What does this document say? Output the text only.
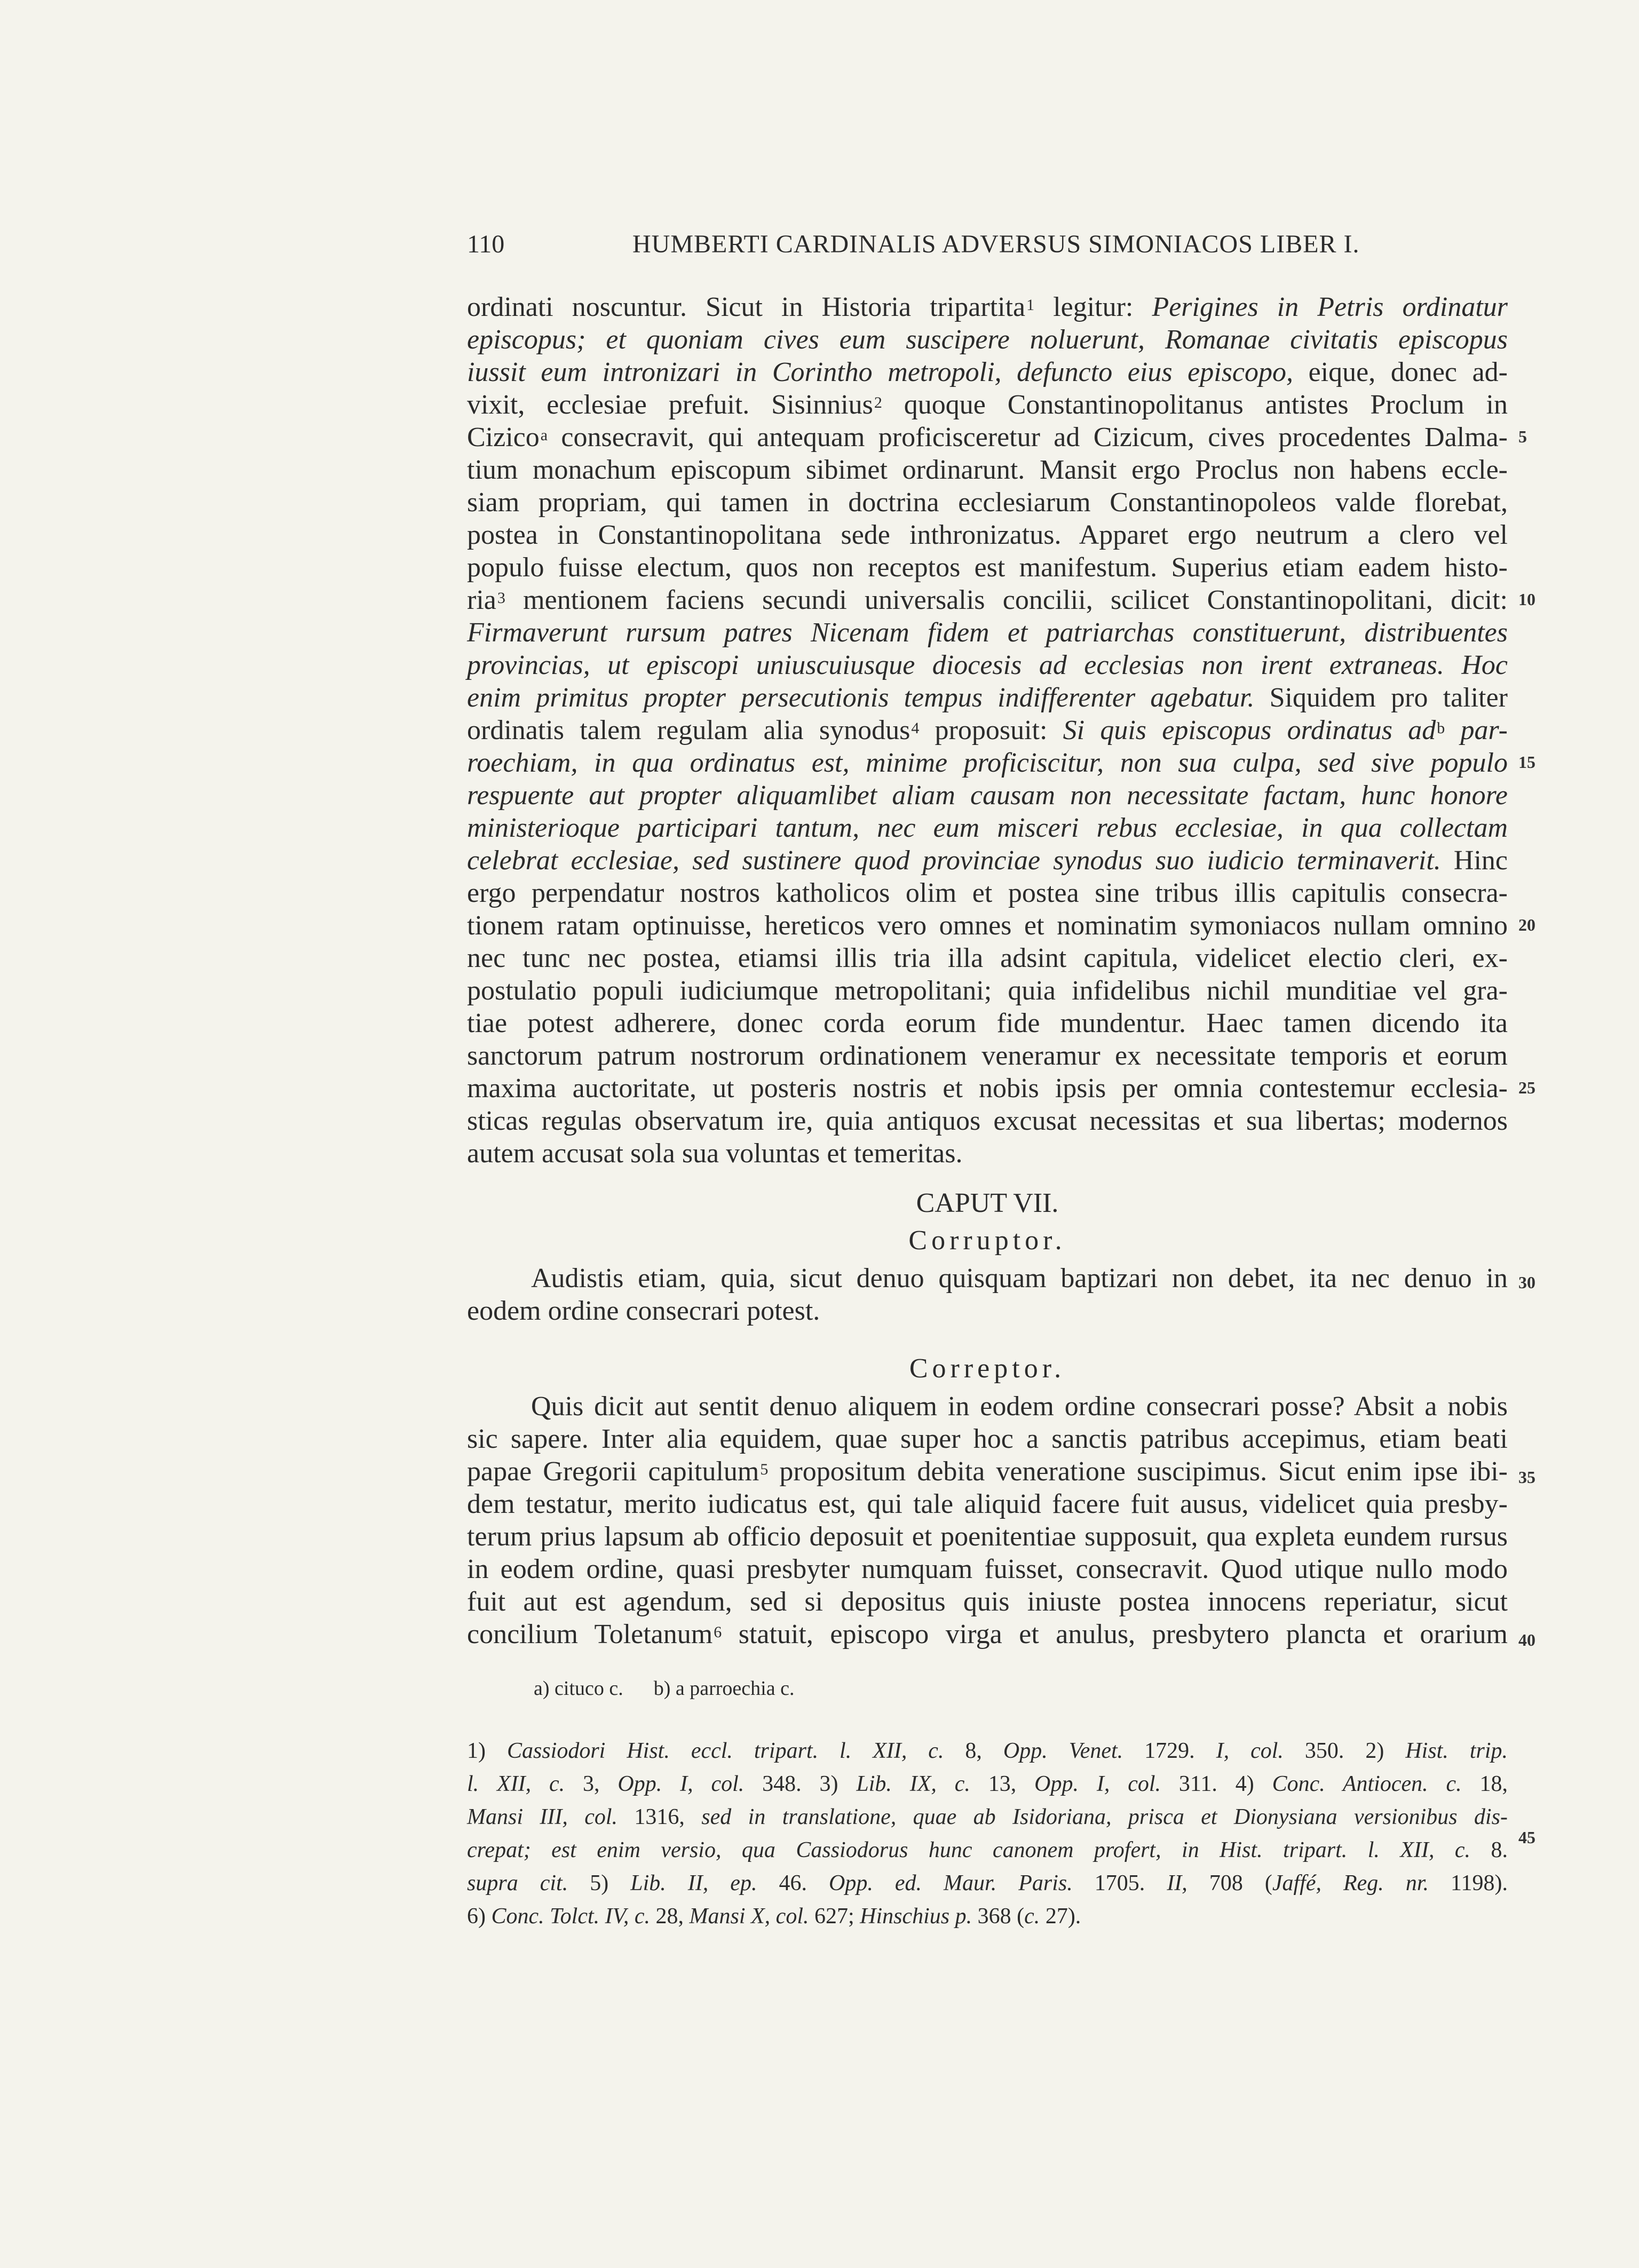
110	HUMBERTI CARDINALIS ADVERSUS SIMONIACOS LIBER I.
ordinati noscuntur. Sicut in Historia tripartita$^1$ legitur: Perigines in Petris ordinatur
episcopus; et quoniam cives eum suscipere noluerunt, Romanae civitatis episcopus
iussit eum intronizari in Corintho metropoli, defuncto eius episcopo, eique, donec ad-
vixit, ecclesiae prefuit. Sisinnius$^2$ quoque Constantinopolitanus antistes Proclum in
Cizico$^a$ consecravit, qui antequam proficisceretur ad Cizicum, cives procedentes Dalma-
tium monachum episcopum sibimet ordinarunt. Mansit ergo Proclus non habens eccle-
siam propriam, qui tamen in doctrina ecclesiarum Constantinopoleos valde florebat,
postea in Constantinopolitana sede inthronizatus. Apparet ergo neutrum a clero vel
populo fuisse electum, quos non receptos est manifestum. Superius etiam eadem histo-
ria$^3$ mentionem faciens secundi universalis concilii, scilicet Constantinopolitani, dicit:
Firmaverunt rursum patres Nicenam fidem et patriarchas constituerunt, distribuentes
provincias, ut episcopi uniuscuiusque diocesis ad ecclesias non irent extraneas. Hoc
enim primitus propter persecutionis tempus indifferenter agebatur. Siquidem pro taliter
ordinatis talem regulam alia synodus$^4$ proposuit: Si quis episcopus ordinatus $ad^b$ par-
roechiam, in qua ordinatus est, minime proficiscitur, non sua culpa, sed sive populo
respuente aut propter aliquamlibet aliam causam non necessitate factam, hunc honore
ministerioque participari tantum, nec eum misceri rebus ecclesiae, in qua collectam
celebrat ecclesiae, sed sustinere quod provinciae synodus suo iudicio terminaverit. Hinc
ergo perpendatur nostros katholicos olim et postea sine tribus illis capitulis consecra-
tionem ratam optinuisse, hereticos vero omnes et nominatim symoniacos nullam omnino
nec tunc nec postea, etiamsi illis tria illa adsint capitula, videlicet electio cleri, ex-
postulatio populi iudiciumque metropolitani; quia infidelibus nichil munditiae vel gra-
tiae potest adherere, donec corda eorum fide mundentur. Haec tamen dicendo ita
sanctorum patrum nostrorum ordinationem veneramur ex necessitate temporis et eorum
maxima auctoritate, ut posteris nostris et nobis ipsis per omnia contestemur ecclesia-
sticas regulas observatum ire, quia antiquos excusat necessitas et sua libertas; modernos
autem accusat sola sua voluntas et temeritas.
CAPUT VII.
Corruptor.
Audistis etiam, quia, sicut denuo quisquam baptizari non debet, ita nec denuo in
eodem ordine consecrari potest.
Correptor.
Quis dicit aut sentit denuo aliquem in eodem ordine consecrari posse? Absit a nobis
sic sapere. Inter alia equidem, quae super hoc a sanctis patribus accepimus, etiam beati
papae Gregorii capitulum$^5$ propositum debita veneratione suscipimus. Sicut enim ipse ibi-
dem testatur, merito iudicatus est, qui tale aliquid facere fuit ausus, videlicet quia presby-
terum prius lapsum ab officio deposuit et poenitentiae supposuit, qua expleta eundem rursus
in eodem ordine, quasi presbyter numquam fuisset, consecravit. Quod utique nullo modo
fuit aut est agendum, sed si depositus quis iniuste postea innocens reperiatur, sicut
concilium Toletanum$^6$ statuit, episcopo virga et anulus, presbytero plancta et orarium
5
10
15
20
25
30
35
40
45
a) cituco c.      b) a parroechia c.
1) Cassiodori Hist. eccl. tripart. l. XII, c. 8, Opp. Venet. 1729. I, col. 350. 2) Hist. trip.
l. XII, c. 3, Opp. I, col. 348. 3) Lib. IX, c. 13, Opp. I, col. 311. 4) Conc. Antiocen. c. 18,
Mansi III, col. 1316, sed in translatione, quae ab Isidoriana, prisca et Dionysiana versionibus dis-
crepat; est enim versio, qua Cassiodorus hunc canonem profert, in Hist. tripart. l. XII, c. 8.
supra cit. 5) Lib. II, ep. 46. Opp. ed. Maur. Paris. 1705. II, 708 (Jaffé, Reg. nr. 1198).
6) Conc. Tolct. IV, c. 28, Mansi X, col. 627; Hinschius p. 368 (c. 27).
